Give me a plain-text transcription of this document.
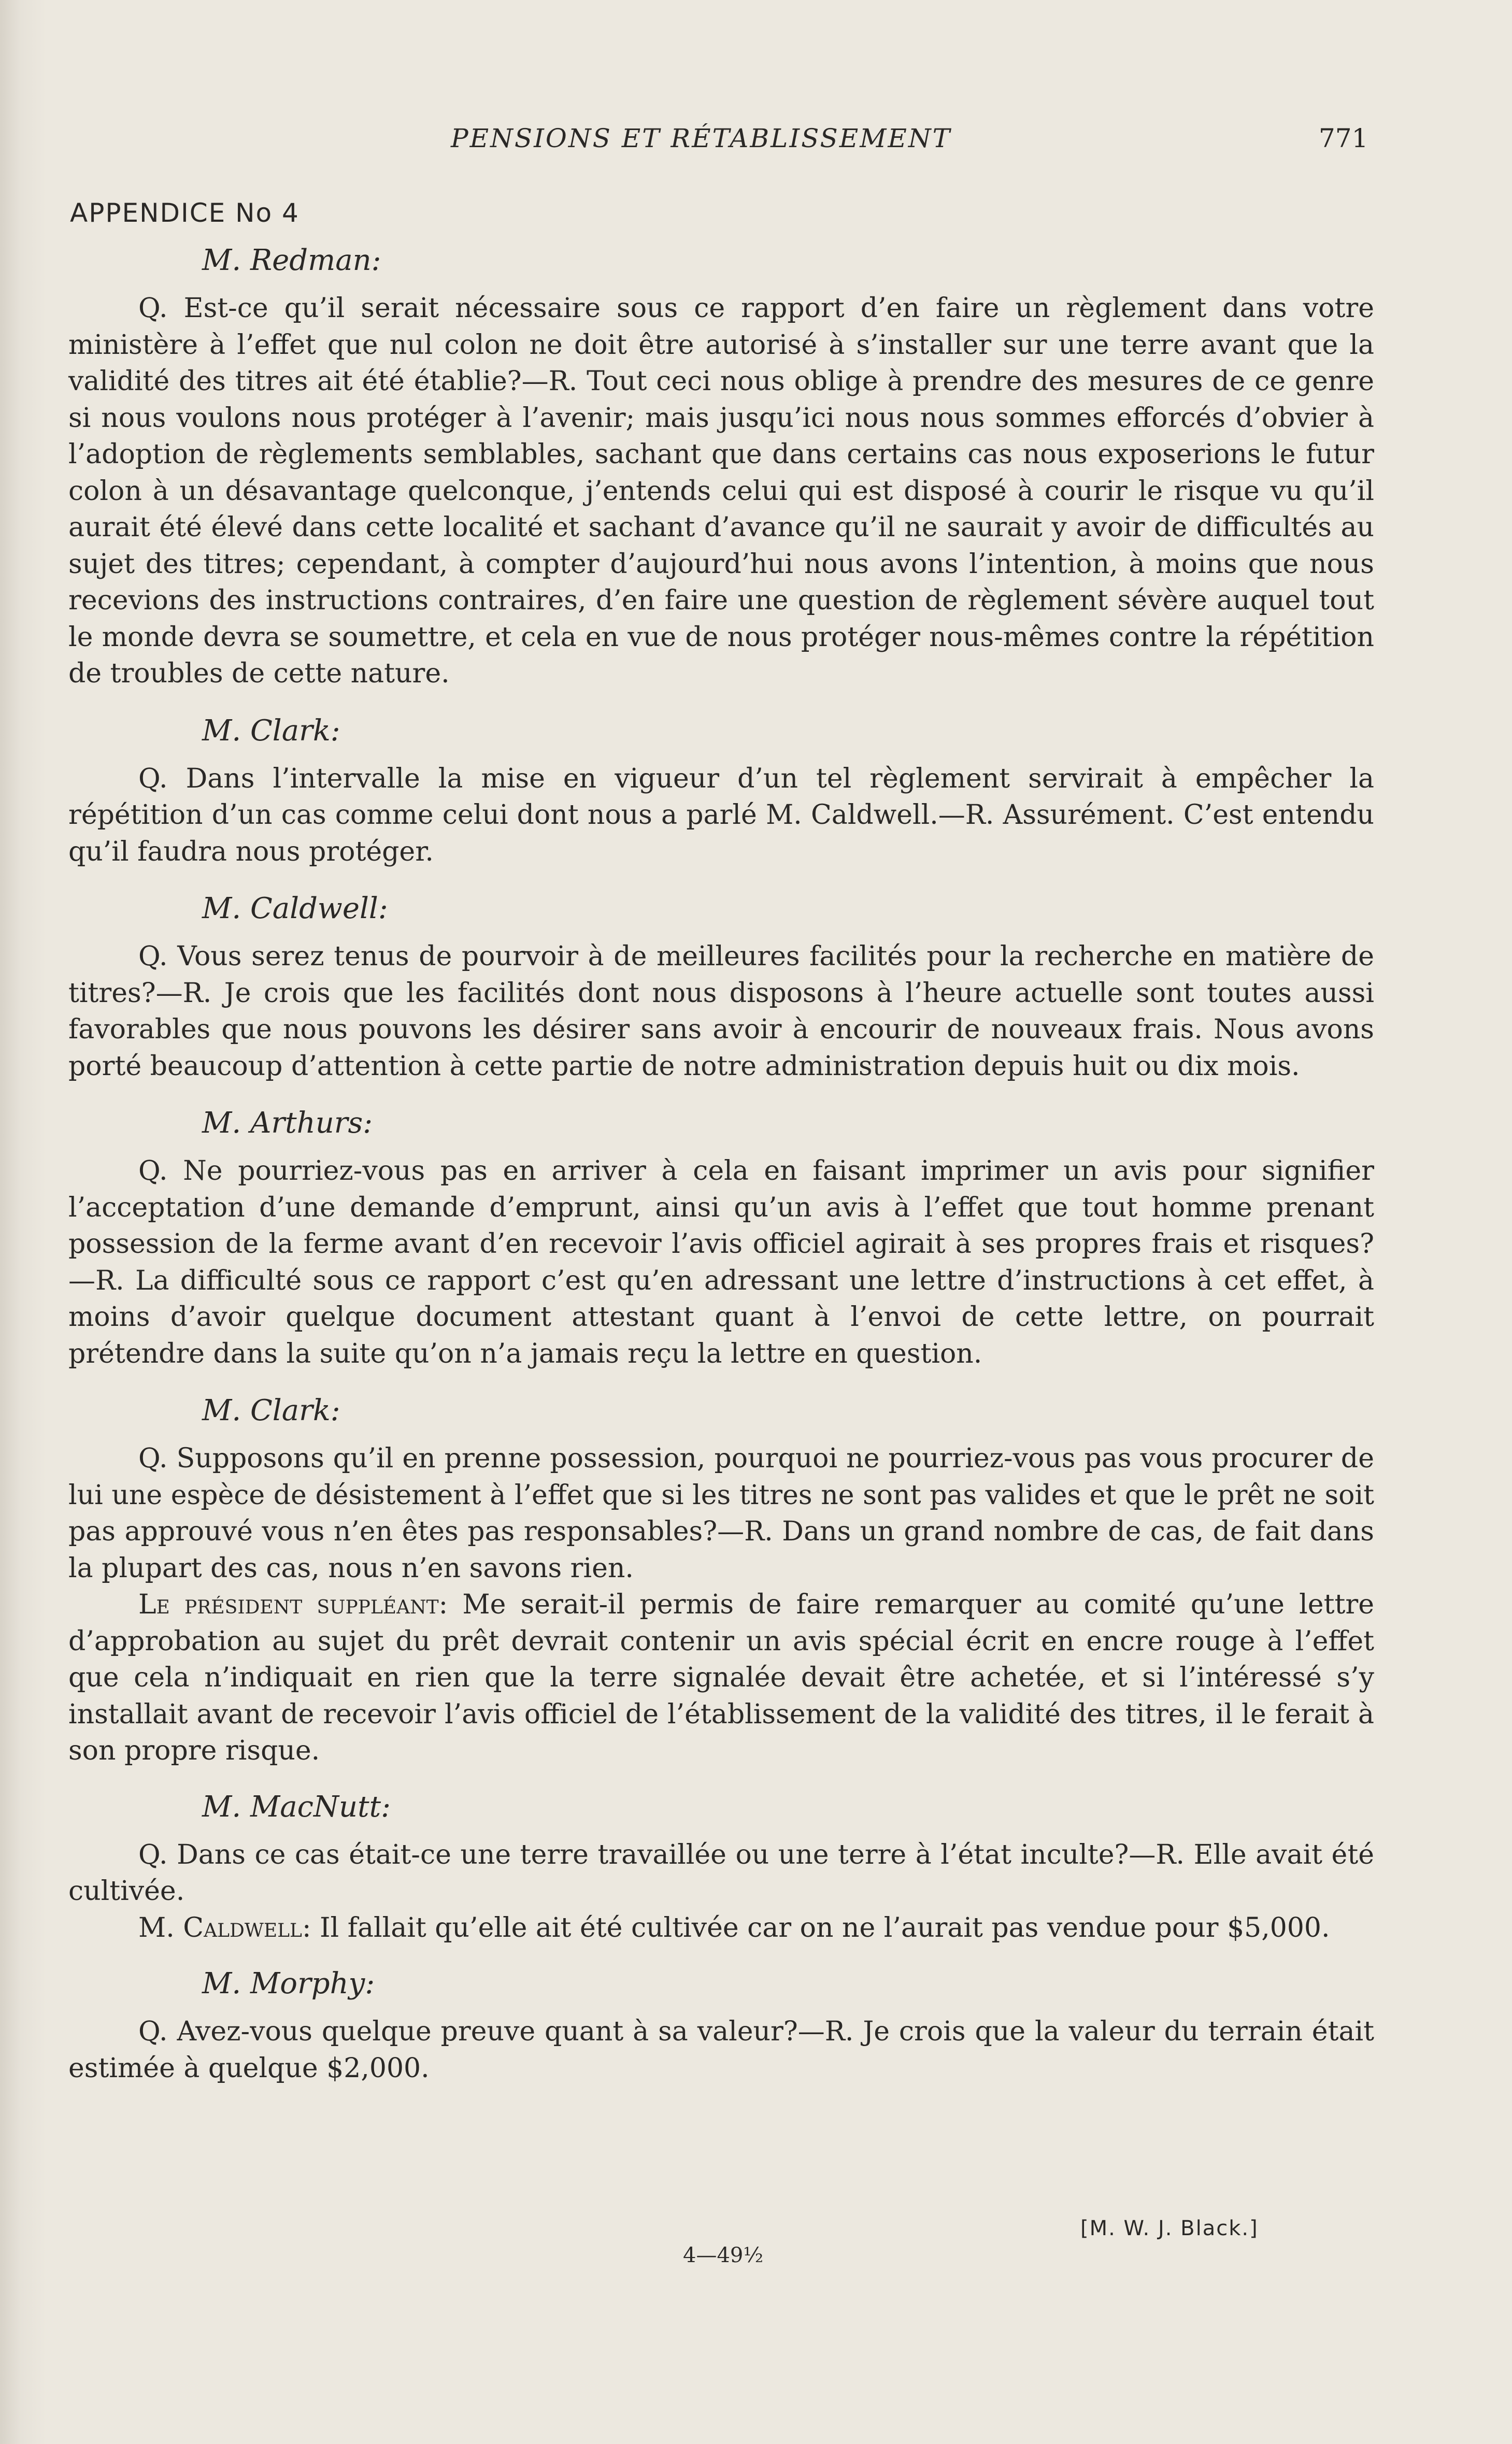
PENSIONS ET RÉTABLISSEMENT	771
APPENDICE No 4
M. Redman:

Q. Est-ce qu’il serait nécessaire sous ce rapport d’en faire un règlement dans votre ministère à l’effet que nul colon ne doit être autorisé à s’installer sur une terre avant que la validité des titres ait été établie?—R. Tout ceci nous oblige à prendre des mesures de ce genre si nous voulons nous protéger à l’avenir; mais jusqu’ici nous nous sommes efforcés d’obvier à l’adoption de règlements semblables, sachant que dans certains cas nous exposerions le futur colon à un désavantage quelconque, j’entends celui qui est disposé à courir le risque vu qu’il aurait été élevé dans cette localité et sachant d’avance qu’il ne saurait y avoir de difficultés au sujet des titres; cependant, à compter d’aujourd’hui nous avons l’intention, à moins que nous recevions des instructions contraires, d’en faire une question de règlement sévère auquel tout le monde devra se soumettre, et cela en vue de nous protéger nous-mêmes contre la répétition de troubles de cette nature.

M. Clark:

Q. Dans l’intervalle la mise en vigueur d’un tel règlement servirait à empêcher la répétition d’un cas comme celui dont nous a parlé M. Caldwell.—R. Assurément. C’est entendu qu’il faudra nous protéger.

M. Caldwell:

Q. Vous serez tenus de pourvoir à de meilleures facilités pour la recherche en matière de titres?—R. Je crois que les facilités dont nous disposons à l’heure actuelle sont toutes aussi favorables que nous pouvons les désirer sans avoir à encourir de nouveaux frais. Nous avons porté beaucoup d’attention à cette partie de notre administration depuis huit ou dix mois.

M. Arthurs:

Q. Ne pourriez-vous pas en arriver à cela en faisant imprimer un avis pour signifier l’acceptation d’une demande d’emprunt, ainsi qu’un avis à l’effet que tout homme prenant possession de la ferme avant d’en recevoir l’avis officiel agirait à ses propres frais et risques?—R. La difficulté sous ce rapport c’est qu’en adressant une lettre d’instructions à cet effet, à moins d’avoir quelque document attestant quant à l’envoi de cette lettre, on pourrait prétendre dans la suite qu’on n’a jamais reçu la lettre en question.

M. Clark:

Q. Supposons qu’il en prenne possession, pourquoi ne pourriez-vous pas vous procurer de lui une espèce de désistement à l’effet que si les titres ne sont pas valides et que le prêt ne soit pas approuvé vous n’en êtes pas responsables?—R. Dans un grand nombre de cas, de fait dans la plupart des cas, nous n’en savons rien.

Le président suppléant: Me serait-il permis de faire remarquer au comité qu’une lettre d’approbation au sujet du prêt devrait contenir un avis spécial écrit en encre rouge à l’effet que cela n’indiquait en rien que la terre signalée devait être achetée, et si l’intéressé s’y installait avant de recevoir l’avis officiel de l’établissement de la validité des titres, il le ferait à son propre risque.

M. MacNutt:

Q. Dans ce cas était-ce une terre travaillée ou une terre à l’état inculte?—R. Elle avait été cultivée.

M. Caldwell: Il fallait qu’elle ait été cultivée car on ne l’aurait pas vendue pour $5,000.

M. Morphy:

Q. Avez-vous quelque preuve quant à sa valeur?—R. Je crois que la valeur du terrain était estimée à quelque $2,000.

[M. W. J. Black.]
4—49½
